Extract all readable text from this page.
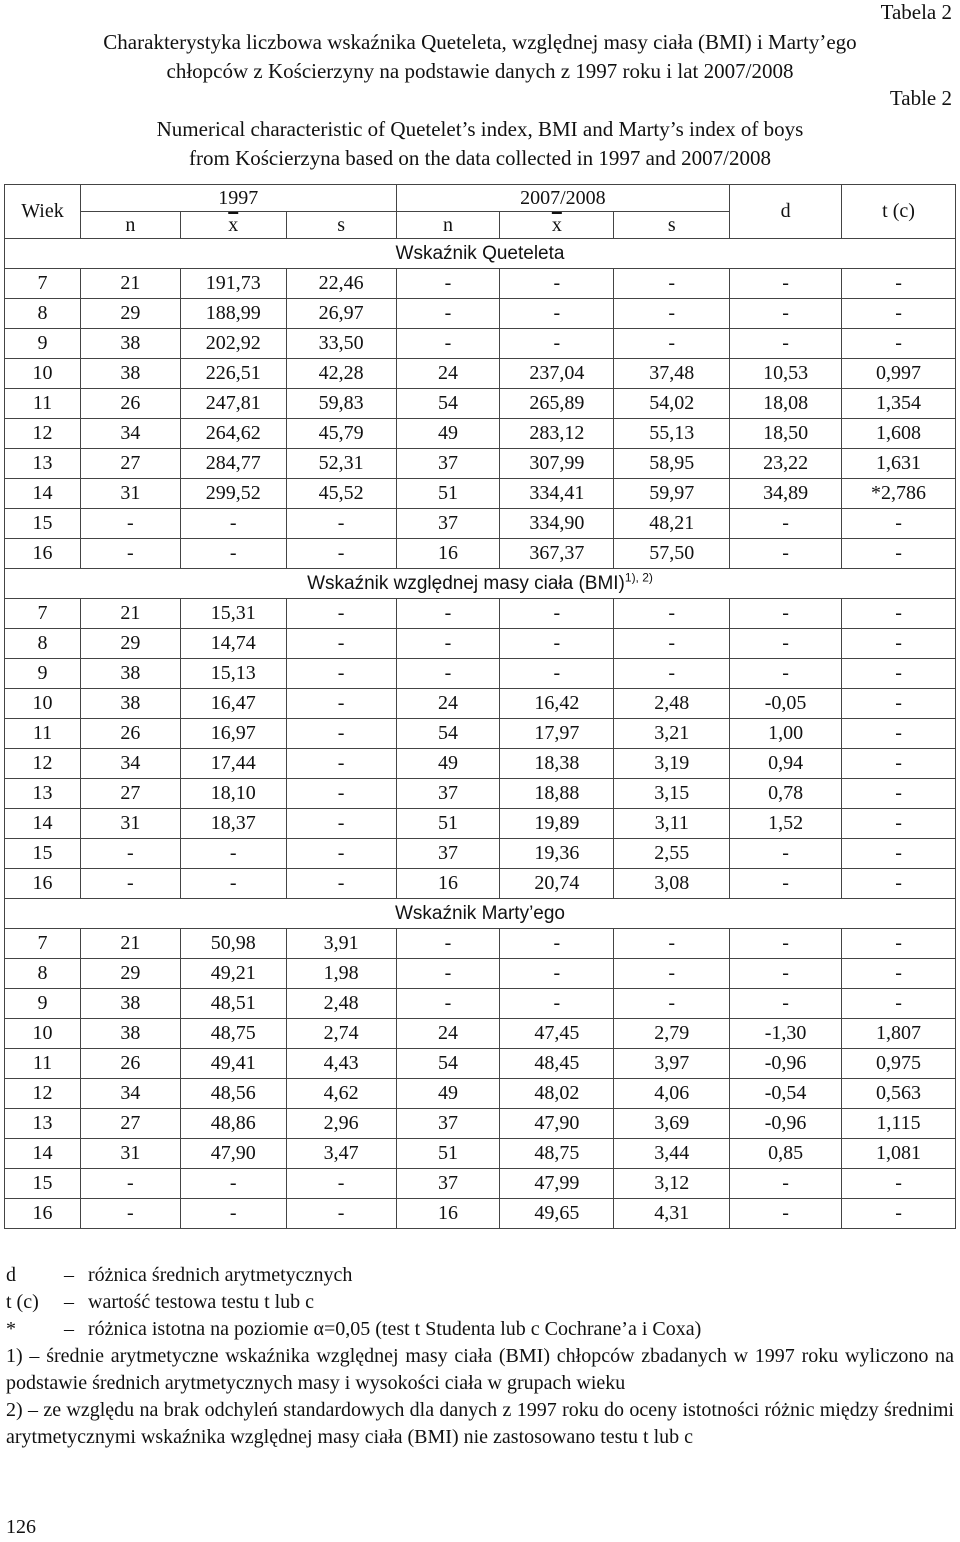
Tabela 2
Charakterystyka liczbowa wskaźnika Queteleta, względnej masy ciała (BMI) i Marty’ego
chłopców z Kościerzyny na podstawie danych z 1997 roku i lat 2007/2008
Table 2
Numerical characteristic of Quetelet’s index, BMI and Marty’s index of boys
from Kościerzyna based on the data collected in 1997 and 2007/2008
Wiek	1997			2007/2008			d	t (c)
	n	$\overline{x}$	s	n	$\overline{x}$	s		
Wskaźnik Queteleta								
7	21	191,73	22,46	-	-	-	-	-
8	29	188,99	26,97	-	-	-	-	-
9	38	202,92	33,50	-	-	-	-	-
10	38	226,51	42,28	24	237,04	37,48	10,53	0,997
11	26	247,81	59,83	54	265,89	54,02	18,08	1,354
12	34	264,62	45,79	49	283,12	55,13	18,50	1,608
13	27	284,77	52,31	37	307,99	58,95	23,22	1,631
14	31	299,52	45,52	51	334,41	59,97	34,89	*2,786
15	-	-	-	37	334,90	48,21	-	-
16	-	-	-	16	367,37	57,50	-	-
Wskaźnik względnej masy ciała (BMI)$^{1), 2)}$
7	21	15,31	-	-	-	-	-	-
8	29	14,74	-	-	-	-	-	-
9	38	15,13	-	-	-	-	-	-
10	38	16,47	-	24	16,42	2,48	-0,05	-
11	26	16,97	-	54	17,97	3,21	1,00	-
12	34	17,44	-	49	18,38	3,19	0,94	-
13	27	18,10	-	37	18,88	3,15	0,78	-
14	31	18,37	-	51	19,89	3,11	1,52	-
15	-	-	-	37	19,36	2,55	-	-
16	-	-	-	16	20,74	3,08	-	-
Wskaźnik Marty’ego								
7	21	50,98	3,91	-	-	-	-	-
8	29	49,21	1,98	-	-	-	-	-
9	38	48,51	2,48	-	-	-	-	-
10	38	48,75	2,74	24	47,45	2,79	-1,30	1,807
11	26	49,41	4,43	54	48,45	3,97	-0,96	0,975
12	34	48,56	4,62	49	48,02	4,06	-0,54	0,563
13	27	48,86	2,96	37	47,90	3,69	-0,96	1,115
14	31	47,90	3,47	51	48,75	3,44	0,85	1,081
15	-	-	-	37	47,99	3,12	-	-
16	-	-	-	16	49,65	4,31	-	-
d	– różnica średnich arytmetycznych
t (c)	– wartość testowa testu t lub c
*	– różnica istotna na poziomie α=0,05 (test t Studenta lub c Cochrane’a i Coxa)
1) – średnie arytmetyczne wskaźnika względnej masy ciała (BMI) chłopców zbadanych w 1997 roku wyliczono na podstawie średnich arytmetycznych masy i wysokości ciała w grupach wieku
2) – ze względu na brak odchyleń standardowych dla danych z 1997 roku do oceny istotności różnic między średnimi arytmetycznymi wskaźnika względnej masy ciała (BMI) nie zastosowano testu t lub c
126
